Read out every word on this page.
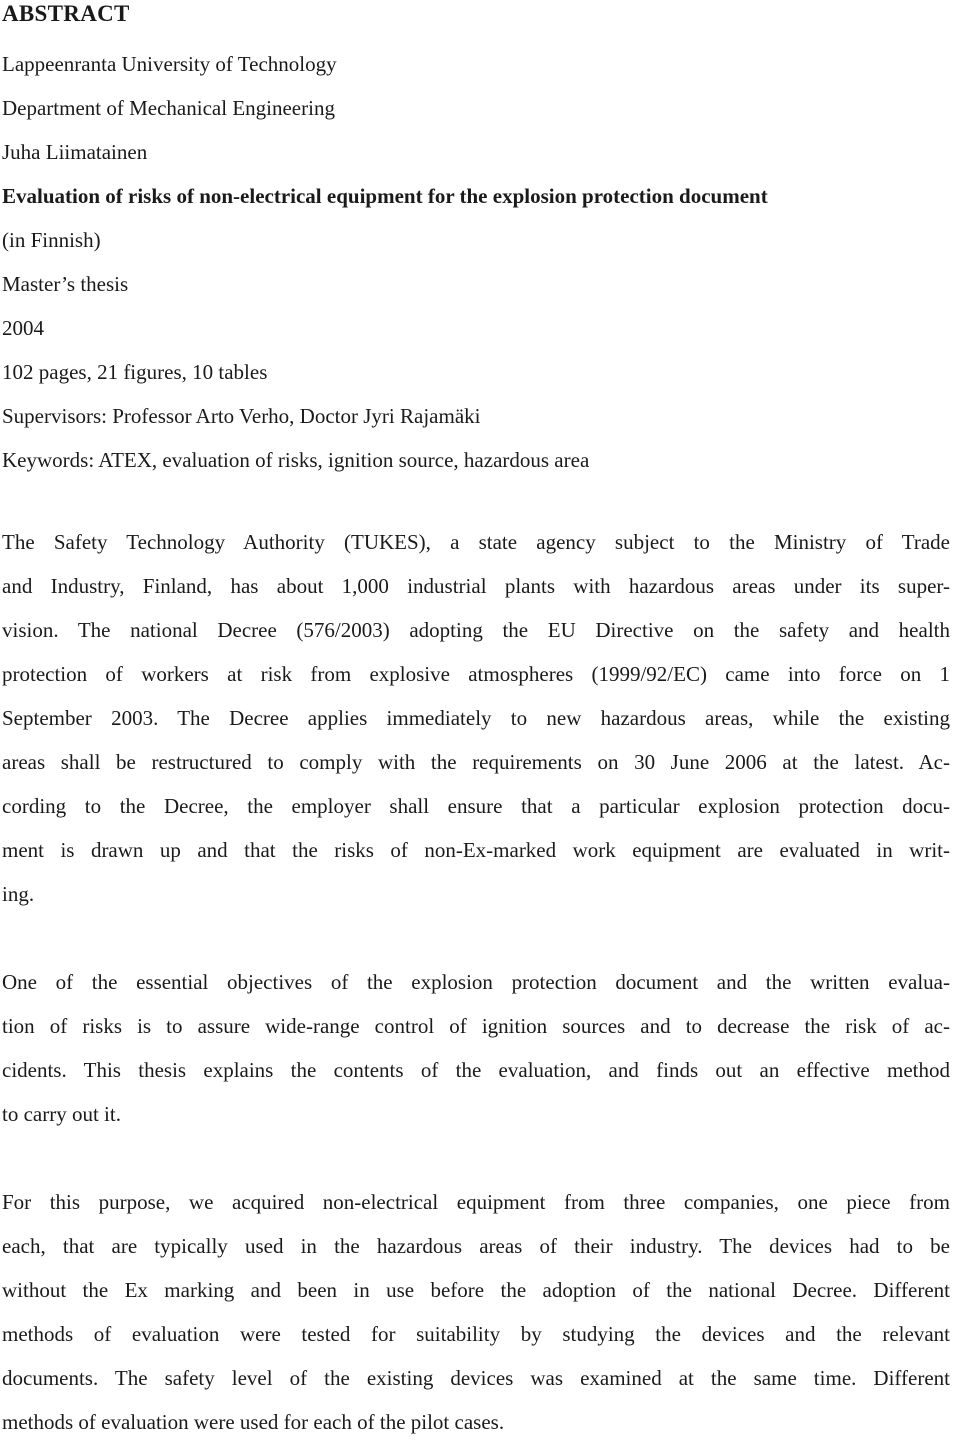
ABSTRACT
Lappeenranta University of Technology
Department of Mechanical Engineering
Juha Liimatainen
Evaluation of risks of non-electrical equipment for the explosion protection document
(in Finnish)
Master’s thesis
2004
102 pages, 21 figures, 10 tables
Supervisors: Professor Arto Verho, Doctor Jyri Rajamäki
Keywords: ATEX, evaluation of risks, ignition source, hazardous area
The Safety Technology Authority (TUKES), a state agency subject to the Ministry of Trade
and Industry, Finland, has about 1,000 industrial plants with hazardous areas under its super-
vision. The national Decree (576/2003) adopting the EU Directive on the safety and health
protection of workers at risk from explosive atmospheres (1999/92/EC) came into force on 1
September 2003. The Decree applies immediately to new hazardous areas, while the existing
areas shall be restructured to comply with the requirements on 30 June 2006 at the latest. Ac-
cording to the Decree, the employer shall ensure that a particular explosion protection docu-
ment is drawn up and that the risks of non-Ex-marked work equipment are evaluated in writ-
ing.
One of the essential objectives of the explosion protection document and the written evalua-
tion of risks is to assure wide-range control of ignition sources and to decrease the risk of ac-
cidents. This thesis explains the contents of the evaluation, and finds out an effective method
to carry out it.
For this purpose, we acquired non-electrical equipment from three companies, one piece from
each, that are typically used in the hazardous areas of their industry. The devices had to be
without the Ex marking and been in use before the adoption of the national Decree. Different
methods of evaluation were tested for suitability by studying the devices and the relevant
documents. The safety level of the existing devices was examined at the same time. Different
methods of evaluation were used for each of the pilot cases.
